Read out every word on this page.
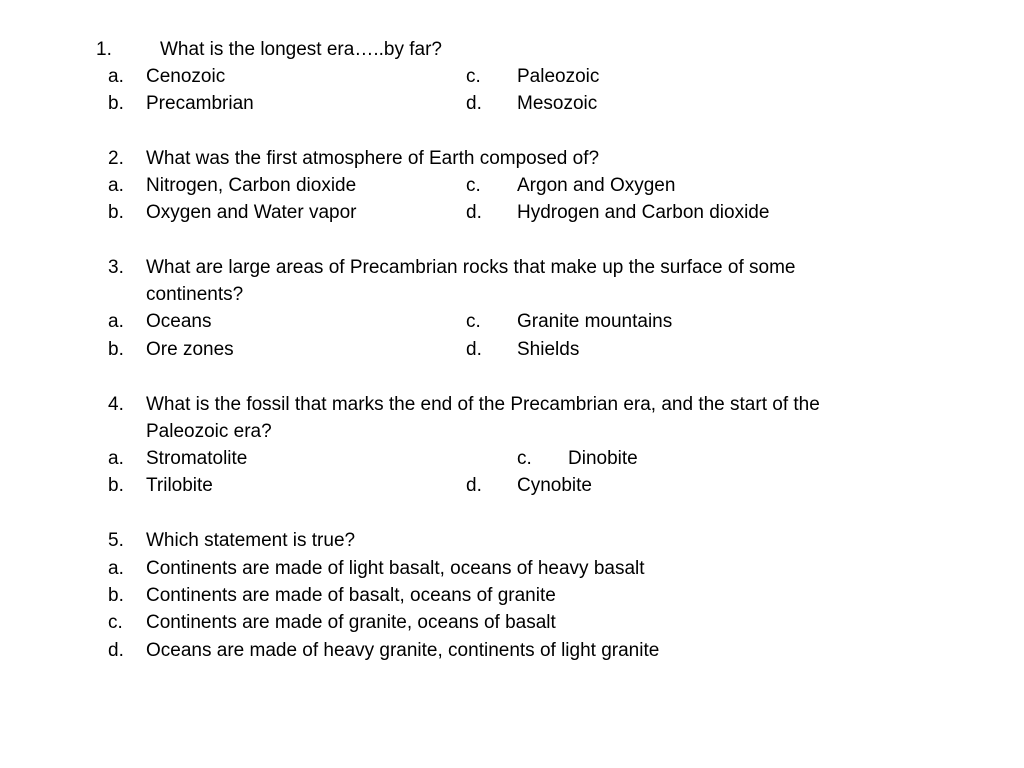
1.	What is the longest era…..by far?
a. Cenozoic	c. Paleozoic
b. Precambrian	d. Mesozoic
2. What was the first atmosphere of Earth composed of?
a. Nitrogen, Carbon dioxide	c. Argon and Oxygen
b. Oxygen and Water vapor	d. Hydrogen and Carbon dioxide
3. What are large areas of Precambrian rocks that make up the surface of some
continents?
a. Oceans	c. Granite mountains
b. Ore zones	d. Shields
4. What is the fossil that marks the end of the Precambrian era, and the start of the
Paleozoic era?
a. Stromatolite	c. Dinobite
b. Trilobite	d. Cynobite
5. Which statement is true?
a. Continents are made of light basalt, oceans of heavy basalt
b. Continents are made of basalt, oceans of granite
c. Continents are made of granite, oceans of basalt
d. Oceans are made of heavy granite, continents of light granite
